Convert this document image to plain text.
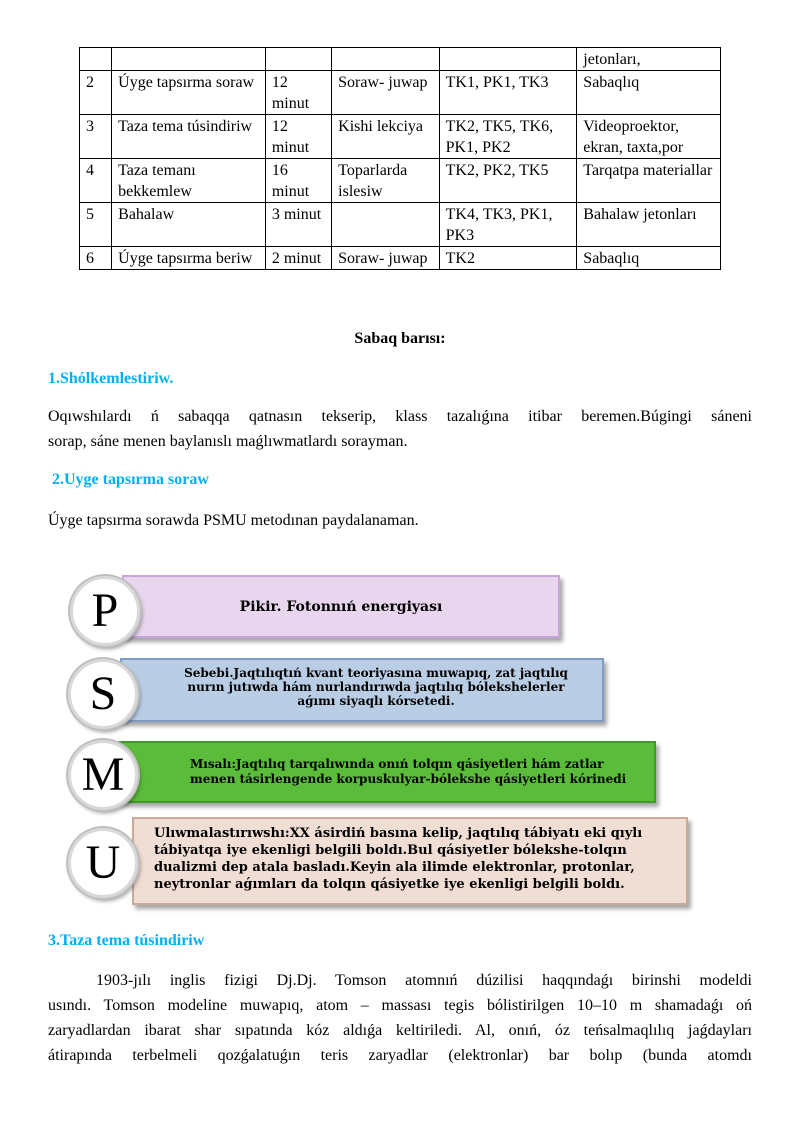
					jetonları,
2	Úyge tapsırma soraw	12 minut	Soraw- juwap	TK1, PK1, TK3	Sabaqlıq
3	Taza tema túsindiriw	12 minut	Kishi lekciya	TK2, TK5, TK6, PK1, PK2	Videoproektor, ekran, taxta,por
4	Taza temanı bekkemlew	16 minut	Toparlarda islesiw	TK2, PK2, TK5	Tarqatpa materiallar
5	Bahalaw	3 minut		TK4, TK3, PK1, PK3	Bahalaw jetonları
6	Úyge tapsırma beriw	2 minut	Soraw- juwap	TK2	Sabaqlıq
Sabaq barısı:
1.Shólkemlestiriw.

Oqıwshılardı ń sabaqqa qatnasın tekserip, klass tazalıǵına itibar beremen.Búgingi sáneni

sorap, sáne menen baylanıslı maǵlıwmatlardı sorayman.

2.Uyge tapsırma soraw

Úyge tapsırma sorawda PSMU metodınan paydalanaman.

Pikir. Fotonnıń energiyası
Sebebi.Jaqtılıqtıń kvant teoriyasına muwapıq, zat jaqtılıq nurın jutıwda hám nurlandırıwda jaqtılıq bólekshelerler aǵımı siyaqlı kórsetedi.
Mısalı:Jaqtılıq tarqalıwında onıń tolqın qásiyetleri hám zatlar menen tásirlengende korpuskulyar-bólekshe qásiyetleri kórinedi
Ulıwmalastırıwshı:XX ásirdiń basına kelip, jaqtılıq tábiyatı eki qıylı tábiyatqa iye ekenligi belgili boldı.Bul qásiyetler bólekshe-tolqın dualizmi dep atala basladı.Keyin ala ilimde elektronlar, protonlar, neytronlar aǵımları da tolqın qásiyetke iye ekenligi belgili boldı.
P
S
M
U
3.Taza tema túsindiriw

1903-jılı inglis fizigi Dj.Dj. Tomson atomnıń dúzilisi haqqındaǵı birinshi modeldi

usındı. Tomson modeline muwapıq, atom – massası tegis bólistirilgen 10–10 m shamadaǵı oń

zaryadlardan ibarat shar sıpatında kóz aldıǵa keltiriledi. Al, onıń, óz teńsalmaqlılıq jaǵdayları

átirapında terbelmeli qozǵalatuǵın teris zaryadlar (elektronlar) bar bolıp (bunda atomdı
